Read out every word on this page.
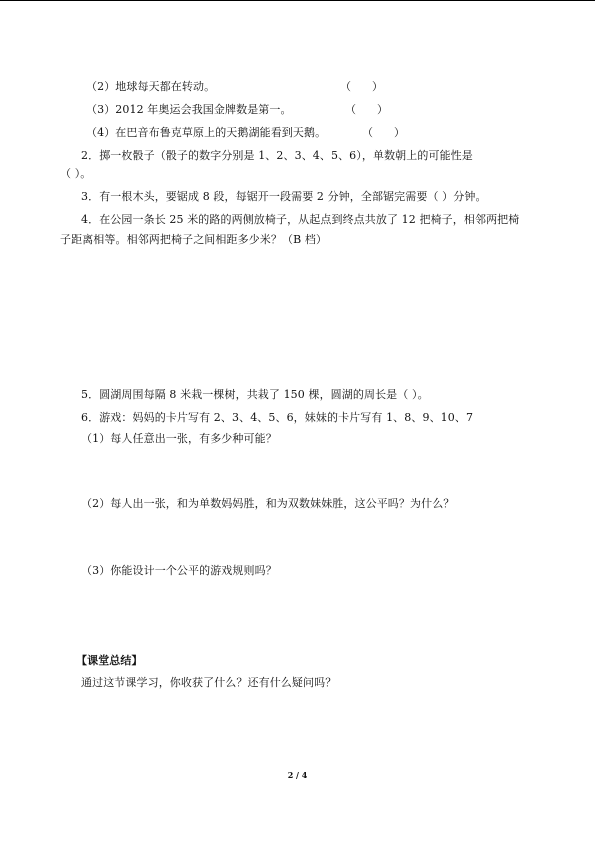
（2）地球每天都在转动。	（      ）
（3）2012 年奥运会我国金牌数是第一。	（      ）
（4）在巴音布鲁克草原上的天鹅湖能看到天鹅。	（      ）
2．掷一枚骰子（骰子的数字分别是 1、2、3、4、5、6），单数朝上的可能性是
（ ）。
3．有一根木头，要锯成 8 段，每锯开一段需要 2 分钟，全部锯完需要（ ）分钟。
4．在公园一条长 25 米的路的两侧放椅子，从起点到终点共放了 12 把椅子，相邻两把椅
子距离相等。相邻两把椅子之间相距多少米？（B 档）
5．圆湖周围每隔 8 米栽一棵树，共栽了 150 棵，圆湖的周长是（ ）。
6．游戏：妈妈的卡片写有 2、3、4、5、6，妹妹的卡片写有 1、8、9、10、7
（1）每人任意出一张，有多少种可能？
（2）每人出一张，和为单数妈妈胜，和为双数妹妹胜，这公平吗？为什么？
（3）你能设计一个公平的游戏规则吗？
【课堂总结】
通过这节课学习，你收获了什么？还有什么疑问吗？
2 / 4
